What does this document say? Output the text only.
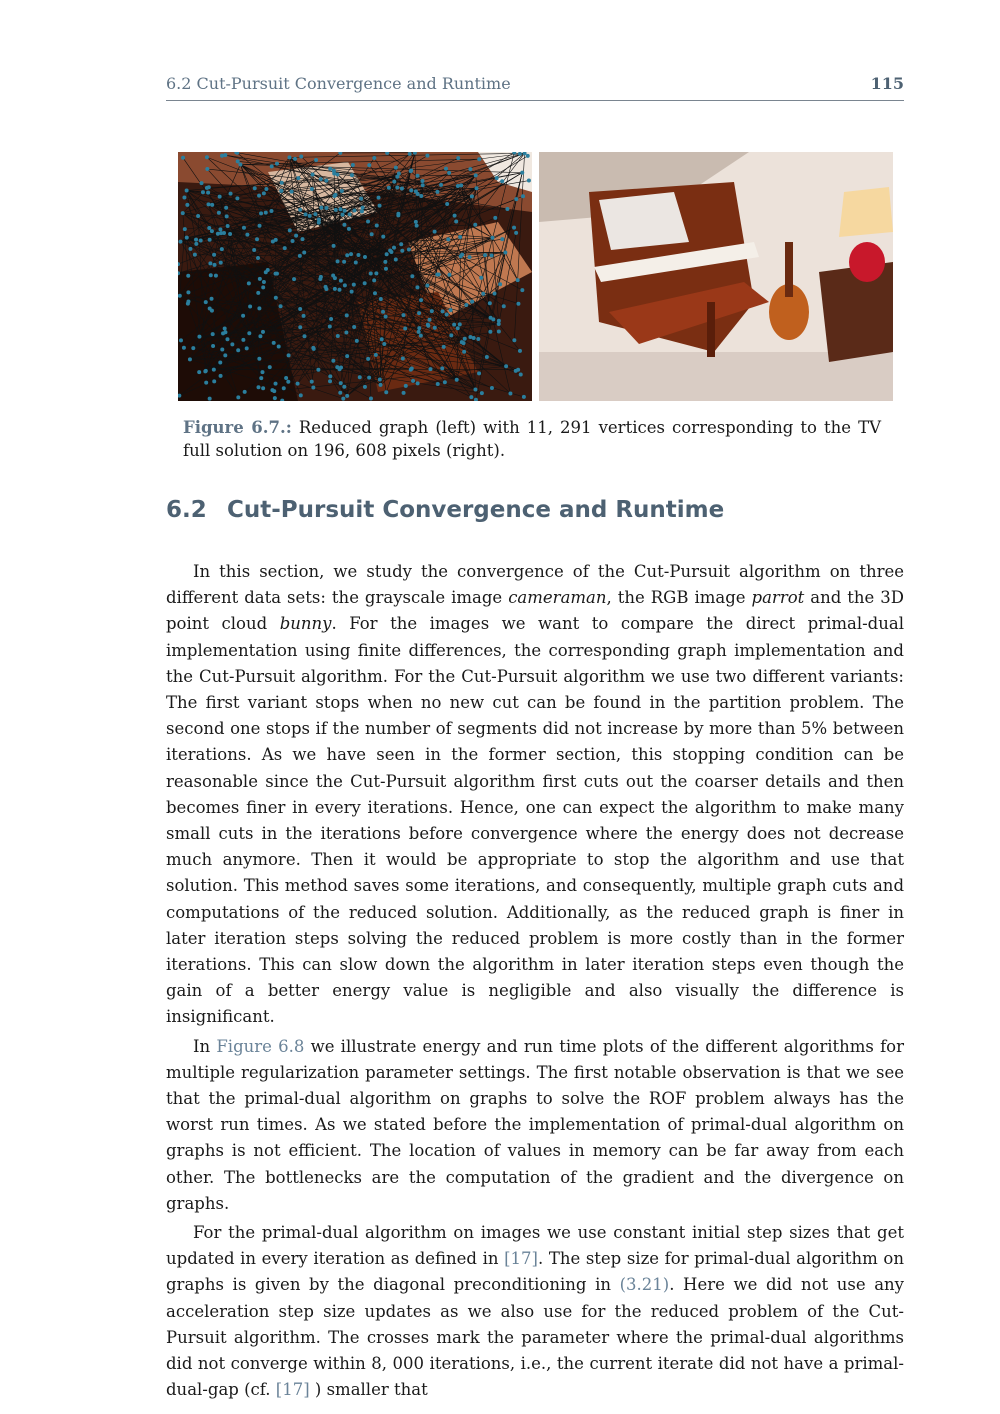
6.2 Cut-Pursuit Convergence and Runtime	115
Figure 6.7.: Reduced graph (left) with 11, 291 vertices corresponding to the TV full solution on 196, 608 pixels (right).
6.2 Cut-Pursuit Convergence and Runtime

In this section, we study the convergence of the Cut-Pursuit algorithm on three different data sets: the grayscale image cameraman, the RGB image parrot and the 3D point cloud bunny. For the images we want to compare the direct primal-dual implementation using finite differences, the corresponding graph implementation and the Cut-Pursuit algorithm. For the Cut-Pursuit algorithm we use two different variants: The first variant stops when no new cut can be found in the partition problem. The second one stops if the number of segments did not increase by more than 5% between iterations. As we have seen in the former section, this stopping condition can be reasonable since the Cut-Pursuit algorithm first cuts out the coarser details and then becomes finer in every iterations. Hence, one can expect the algorithm to make many small cuts in the iterations before convergence where the energy does not decrease much anymore. Then it would be appropriate to stop the algorithm and use that solution. This method saves some iterations, and consequently, multiple graph cuts and computations of the reduced solution. Additionally, as the reduced graph is finer in later iteration steps solving the reduced problem is more costly than in the former iterations. This can slow down the algorithm in later iteration steps even though the gain of a better energy value is negligible and also visually the difference is insignificant.

In Figure 6.8 we illustrate energy and run time plots of the different algorithms for multiple regularization parameter settings. The first notable observation is that we see that the primal-dual algorithm on graphs to solve the ROF problem always has the worst run times. As we stated before the implementation of primal-dual algorithm on graphs is not efficient. The location of values in memory can be far away from each other. The bottlenecks are the computation of the gradient and the divergence on graphs.

For the primal-dual algorithm on images we use constant initial step sizes that get updated in every iteration as defined in [17]. The step size for primal-dual algorithm on graphs is given by the diagonal preconditioning in (3.21). Here we did not use any acceleration step size updates as we also use for the reduced problem of the Cut-Pursuit algorithm. The crosses mark the parameter where the primal-dual algorithms did not converge within 8, 000 iterations, i.e., the current iterate did not have a primal-dual-gap (cf. [17] ) smaller that
